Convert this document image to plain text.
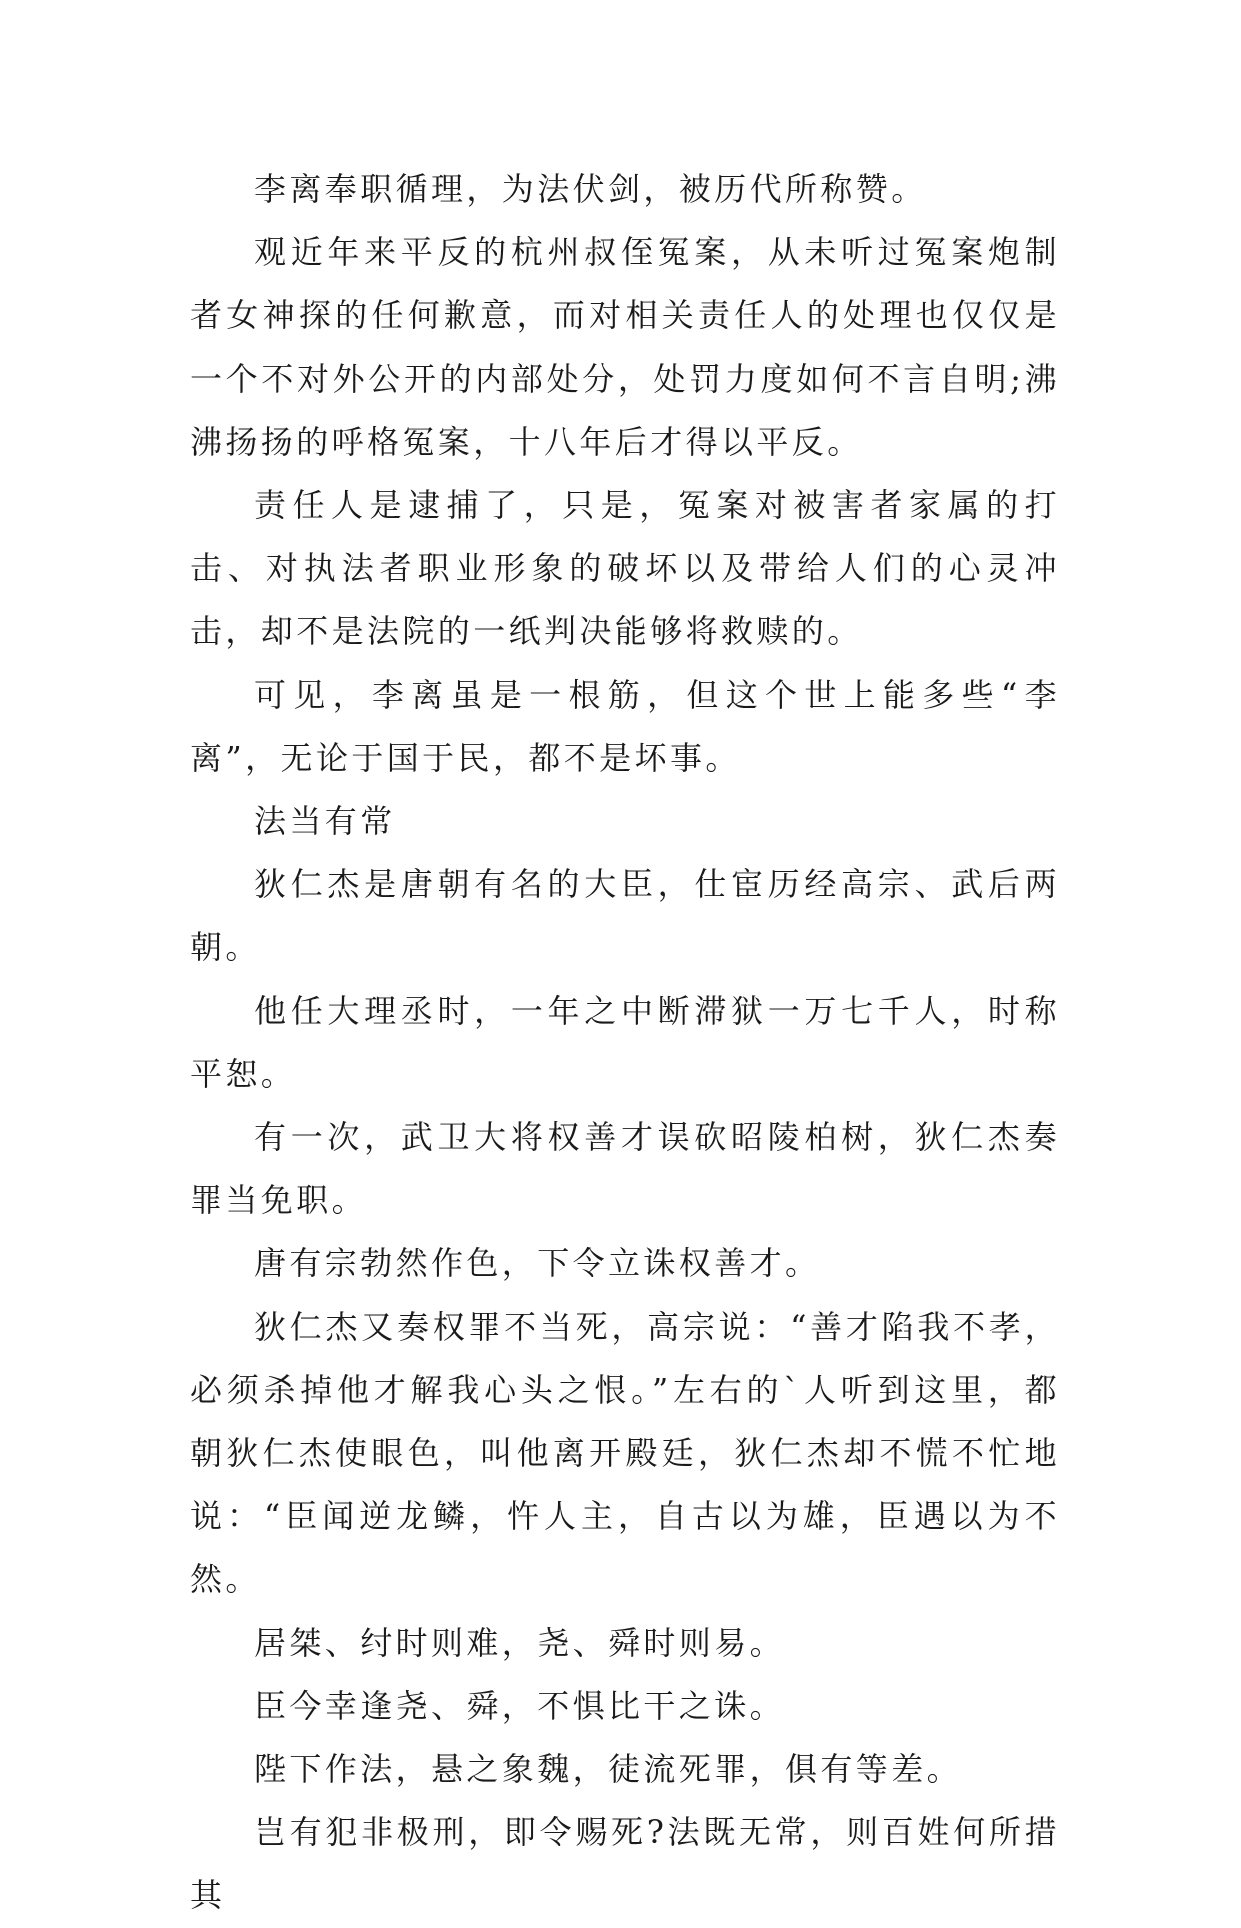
李离奉职循理，为法伏剑，被历代所称赞。

观近年来平反的杭州叔侄冤案，从未听过冤案炮制者女神探的任何歉意，而对相关责任人的处理也仅仅是一个不对外公开的内部处分，处罚力度如何不言自明;沸沸扬扬的呼格冤案，十八年后才得以平反。

责任人是逮捕了，只是，冤案对被害者家属的打击、对执法者职业形象的破坏以及带给人们的心灵冲击，却不是法院的一纸判决能够将救赎的。

可见，李离虽是一根筋，但这个世上能多些“李离”，无论于国于民，都不是坏事。

法当有常

狄仁杰是唐朝有名的大臣，仕宦历经高宗、武后两朝。

他任大理丞时，一年之中断滞狱一万七千人，时称平恕。

有一次，武卫大将权善才误砍昭陵柏树，狄仁杰奏罪当免职。

唐有宗勃然作色，下令立诛权善才。

狄仁杰又奏权罪不当死，高宗说：“善才陷我不孝，必须杀掉他才解我心头之恨。”左右的`人听到这里，都朝狄仁杰使眼色，叫他离开殿廷，狄仁杰却不慌不忙地说：“臣闻逆龙鳞，忤人主，自古以为雄，臣遇以为不然。

居桀、纣时则难，尧、舜时则易。

臣今幸逢尧、舜，不惧比干之诛。

陛下作法，悬之象魏，徒流死罪，俱有等差。

岂有犯非极刑，即令赐死?法既无常，则百姓何所措其
